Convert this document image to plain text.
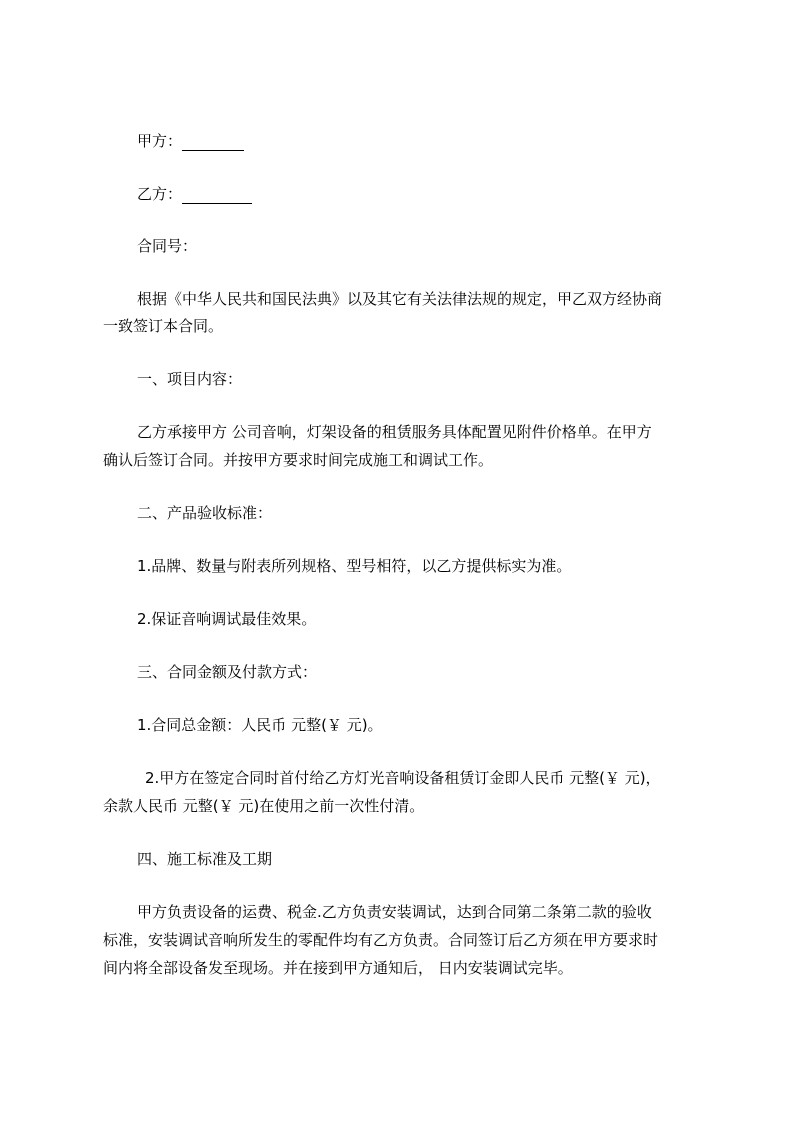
甲方：
乙方：
合同号：
根据《中华人民共和国民法典》以及其它有关法律法规的规定，甲乙双方经协商
一致签订本合同。
一、项目内容：
乙方承接甲方 公司音响，灯架设备的租赁服务具体配置见附件价格单。在甲方
确认后签订合同。并按甲方要求时间完成施工和调试工作。
二、产品验收标准：
1.品牌、数量与附表所列规格、型号相符，以乙方提供标实为准。
2.保证音响调试最佳效果。
三、合同金额及付款方式：
1.合同总金额：人民币 元整(￥ 元)。
2.甲方在签定合同时首付给乙方灯光音响设备租赁订金即人民币 元整(￥ 元)，
余款人民币 元整(￥ 元)在使用之前一次性付清。
四、施工标准及工期
甲方负责设备的运费、税金.乙方负责安装调试，达到合同第二条第二款的验收
标准，安装调试音响所发生的零配件均有乙方负责。合同签订后乙方须在甲方要求时
间内将全部设备发至现场。并在接到甲方通知后， 日内安装调试完毕。
